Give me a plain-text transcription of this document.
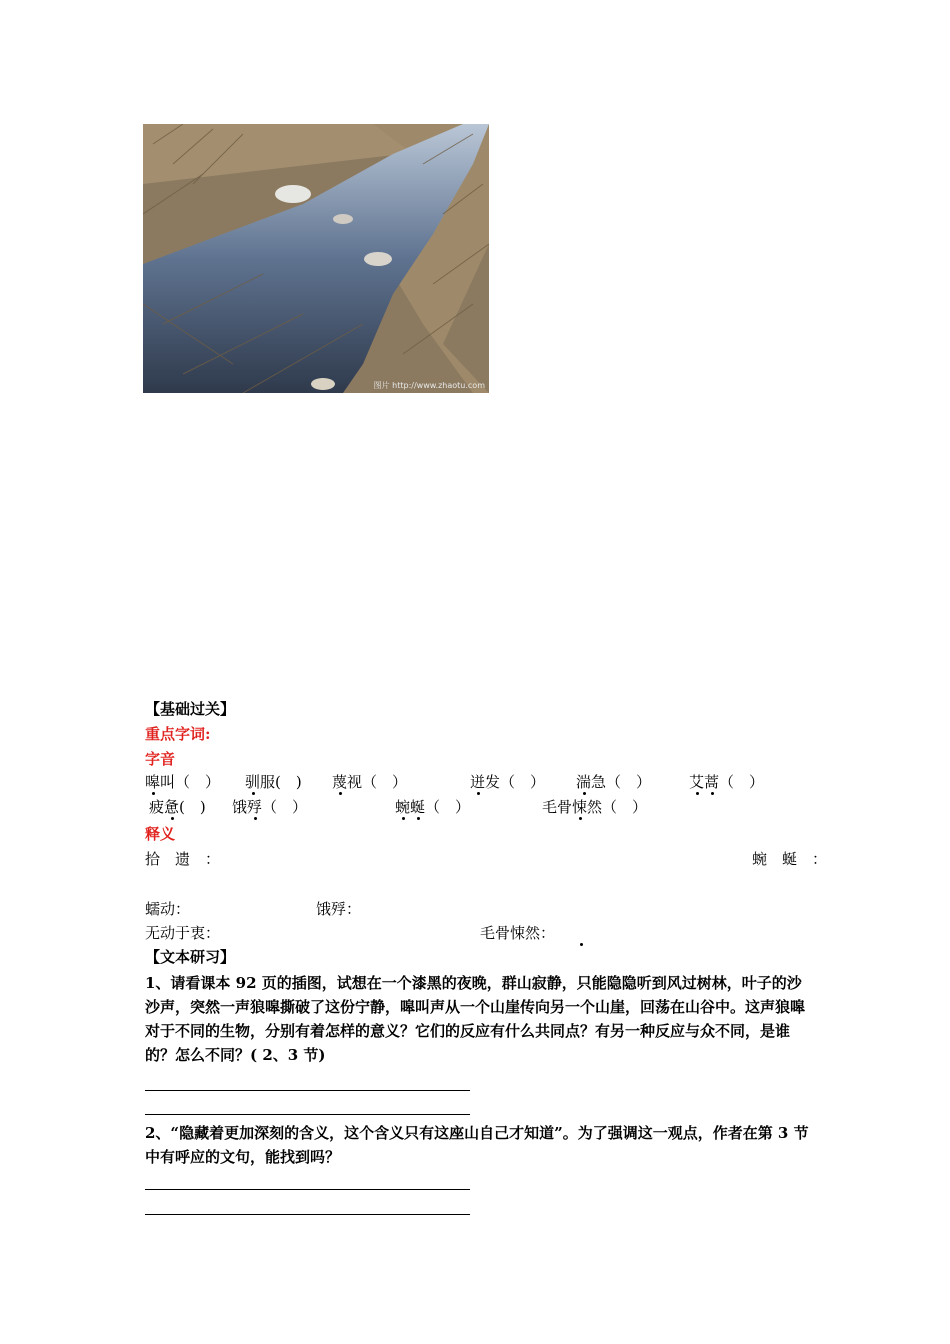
图片 http://www.zhaotu.com
【基础过关】
重点字词:
字音
嗥叫（　） 驯服(　) 蔑视（　）	迸发（　） 湍急（　）	艾蒿（　）
疲惫(　) 饿殍（　）	蜿蜒（　）	毛骨悚然（　）
释义
拾　遗　：	蜿　蜒　：
蠕动：	饿殍：
无动于衷：	毛骨悚然：
【文本研习】
1、请看课本 92 页的插图，试想在一个漆黑的夜晚，群山寂静，只能隐隐听到风过树林，叶子的沙沙声，突然一声狼嗥撕破了这份宁静，嗥叫声从一个山崖传向另一个山崖，回荡在山谷中。这声狼嗥对于不同的生物，分别有着怎样的意义？它们的反应有什么共同点？有另一种反应与众不同，是谁的？怎么不同？( 2、3 节)
2、“隐藏着更加深刻的含义，这个含义只有这座山自己才知道”。为了强调这一观点，作者在第 3 节中有呼应的文句，能找到吗？
